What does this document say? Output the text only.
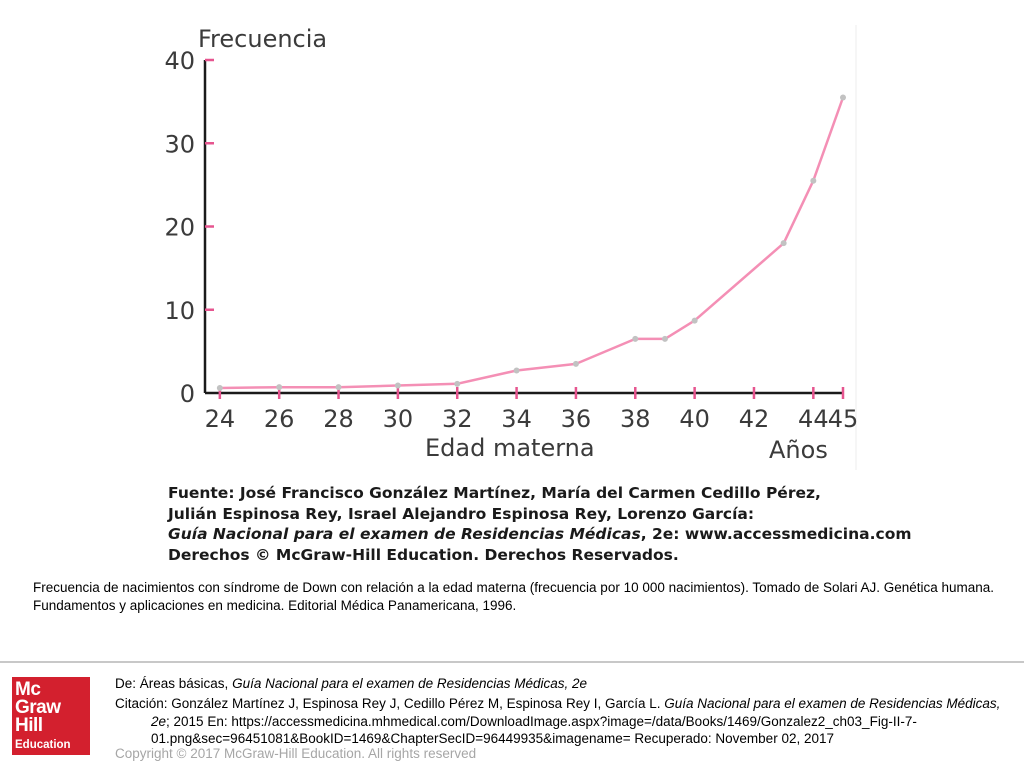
Frecuencia
0
10
20
30
40
24 26 28 30 32 34 36 38 40 42 44 45
Edad materna	Años
Fuente: José Francisco González Martínez, María del Carmen Cedillo Pérez,
Julián Espinosa Rey, Israel Alejandro Espinosa Rey, Lorenzo García:
Guía Nacional para el examen de Residencias Médicas, 2e: www.accessmedicina.com
Derechos © McGraw-Hill Education. Derechos Reservados.
Frecuencia de nacimientos con síndrome de Down con relación a la edad materna (frecuencia por 10 000 nacimientos). Tomado de Solari AJ. Genética humana. Fundamentos y aplicaciones en medicina. Editorial Médica Panamericana, 1996.
Mc
Graw
Hill
Education
De: Áreas básicas, Guía Nacional para el examen de Residencias Médicas, 2e
Citación: González Martínez J, Espinosa Rey J, Cedillo Pérez M, Espinosa Rey I, García L. Guía Nacional para el examen de Residencias Médicas, 2e; 2015 En: https://accessmedicina.mhmedical.com/DownloadImage.aspx?image=/data/Books/1469/Gonzalez2_ch03_Fig-II-7-01.png&sec=96451081&BookID=1469&ChapterSecID=96449935&imagename= Recuperado: November 02, 2017
Copyright © 2017 McGraw-Hill Education. All rights reserved
